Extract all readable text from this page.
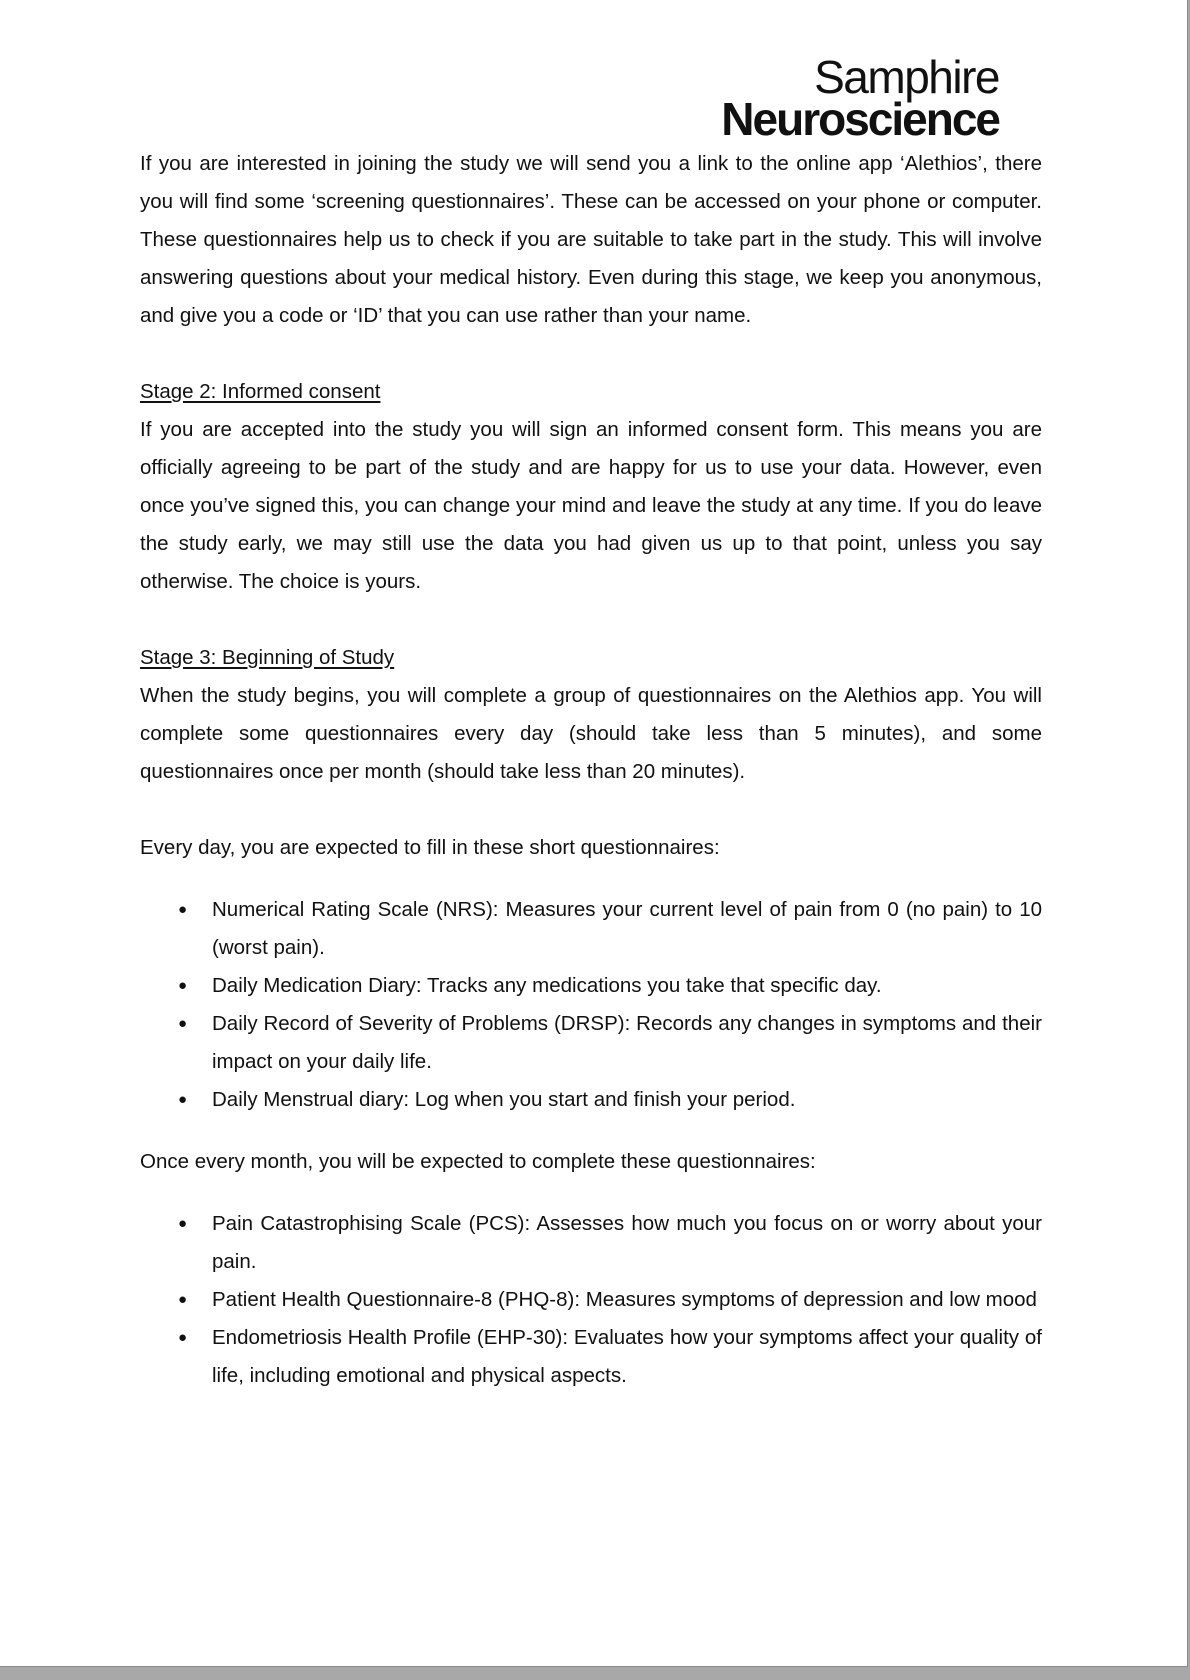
Samphire
Neuroscience

If you are interested in joining the study we will send you a link to the online app ‘Alethios’, there you will find some ‘screening questionnaires’. These can be accessed on your phone or computer. These questionnaires help us to check if you are suitable to take part in the study. This will involve answering questions about your medical history. Even during this stage, we keep you anonymous, and give you a code or ‘ID’ that you can use rather than your name.

Stage 2: Informed consent

If you are accepted into the study you will sign an informed consent form. This means you are officially agreeing to be part of the study and are happy for us to use your data. However, even once you’ve signed this, you can change your mind and leave the study at any time. If you do leave the study early, we may still use the data you had given us up to that point, unless you say otherwise. The choice is yours.

Stage 3: Beginning of Study

When the study begins, you will complete a group of questionnaires on the Alethios app. You will complete some questionnaires every day (should take less than 5 minutes), and some questionnaires once per month (should take less than 20 minutes).

Every day, you are expected to fill in these short questionnaires:

● Numerical Rating Scale (NRS): Measures your current level of pain from 0 (no pain) to 10 (worst pain).
● Daily Medication Diary: Tracks any medications you take that specific day.
● Daily Record of Severity of Problems (DRSP): Records any changes in symptoms and their impact on your daily life.
● Daily Menstrual diary: Log when you start and finish your period.

Once every month, you will be expected to complete these questionnaires:

● Pain Catastrophising Scale (PCS): Assesses how much you focus on or worry about your pain.
● Patient Health Questionnaire-8 (PHQ-8): Measures symptoms of depression and low mood
● Endometriosis Health Profile (EHP-30): Evaluates how your symptoms affect your quality of life, including emotional and physical aspects.
